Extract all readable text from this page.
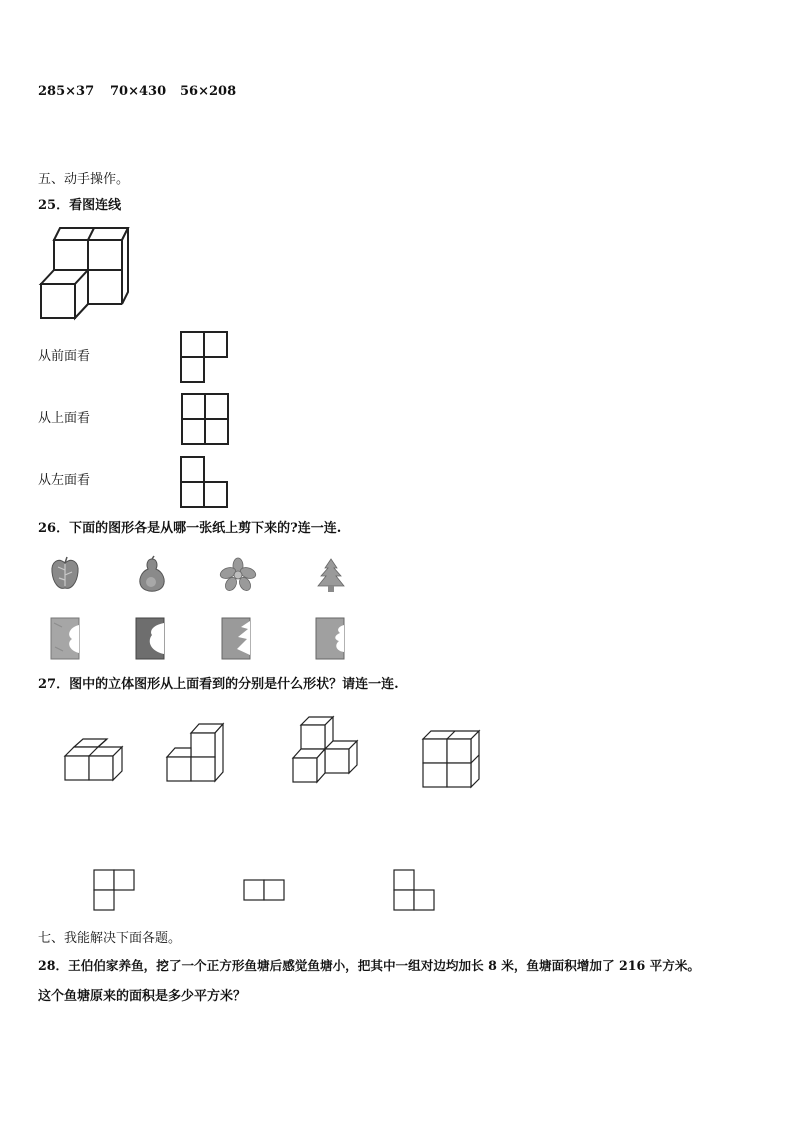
285×37 70×430 56×208
五、动手操作。
25．看图连线
从前面看
从上面看
从左面看
26．下面的图形各是从哪一张纸上剪下来的?连一连.
27．图中的立体图形从上面看到的分别是什么形状？请连一连.
七、我能解决下面各题。
28．王伯伯家养鱼，挖了一个正方形鱼塘后感觉鱼塘小，把其中一组对边均加长 8 米，鱼塘面积增加了 216 平方米。
这个鱼塘原来的面积是多少平方米？
